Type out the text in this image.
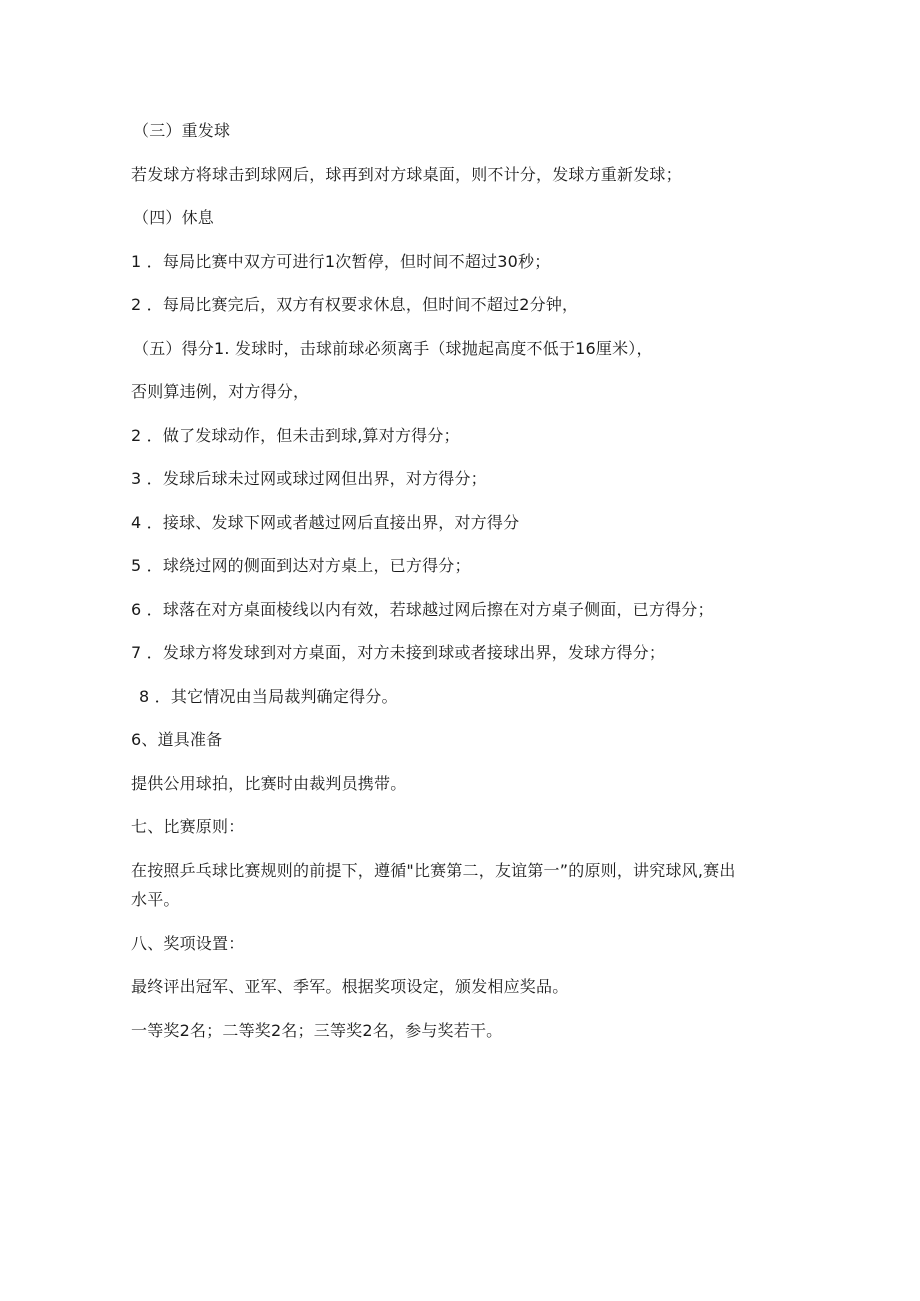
（三）重发球
若发球方将球击到球网后，球再到对方球桌面，则不计分，发球方重新发球；
（四）休息
1 ．每局比赛中双方可进行1次暂停，但时间不超过30秒；
2 ．每局比赛完后，双方有权要求休息，但时间不超过2分钟，
（五）得分1. 发球时，击球前球必须离手（球抛起高度不低于16厘米），
否则算违例，对方得分，
2 ．做了发球动作，但未击到球,算对方得分；
3 ．发球后球未过网或球过网但出界，对方得分；
4 ．接球、发球下网或者越过网后直接出界，对方得分
5 ．球绕过网的侧面到达对方桌上，已方得分；
6 ．球落在对方桌面棱线以内有效，若球越过网后擦在对方桌子侧面，已方得分；
7 ．发球方将发球到对方桌面，对方未接到球或者接球出界，发球方得分；
8 ．其它情况由当局裁判确定得分。
6、道具准备
提供公用球拍，比赛时由裁判员携带。
七、比赛原则：
在按照乒乓球比赛规则的前提下，遵循"比赛第二，友谊第一”的原则，讲究球风,赛出
水平。
八、奖项设置：
最终评出冠军、亚军、季军。根据奖项设定，颁发相应奖品。
一等奖2名；二等奖2名；三等奖2名，参与奖若干。
